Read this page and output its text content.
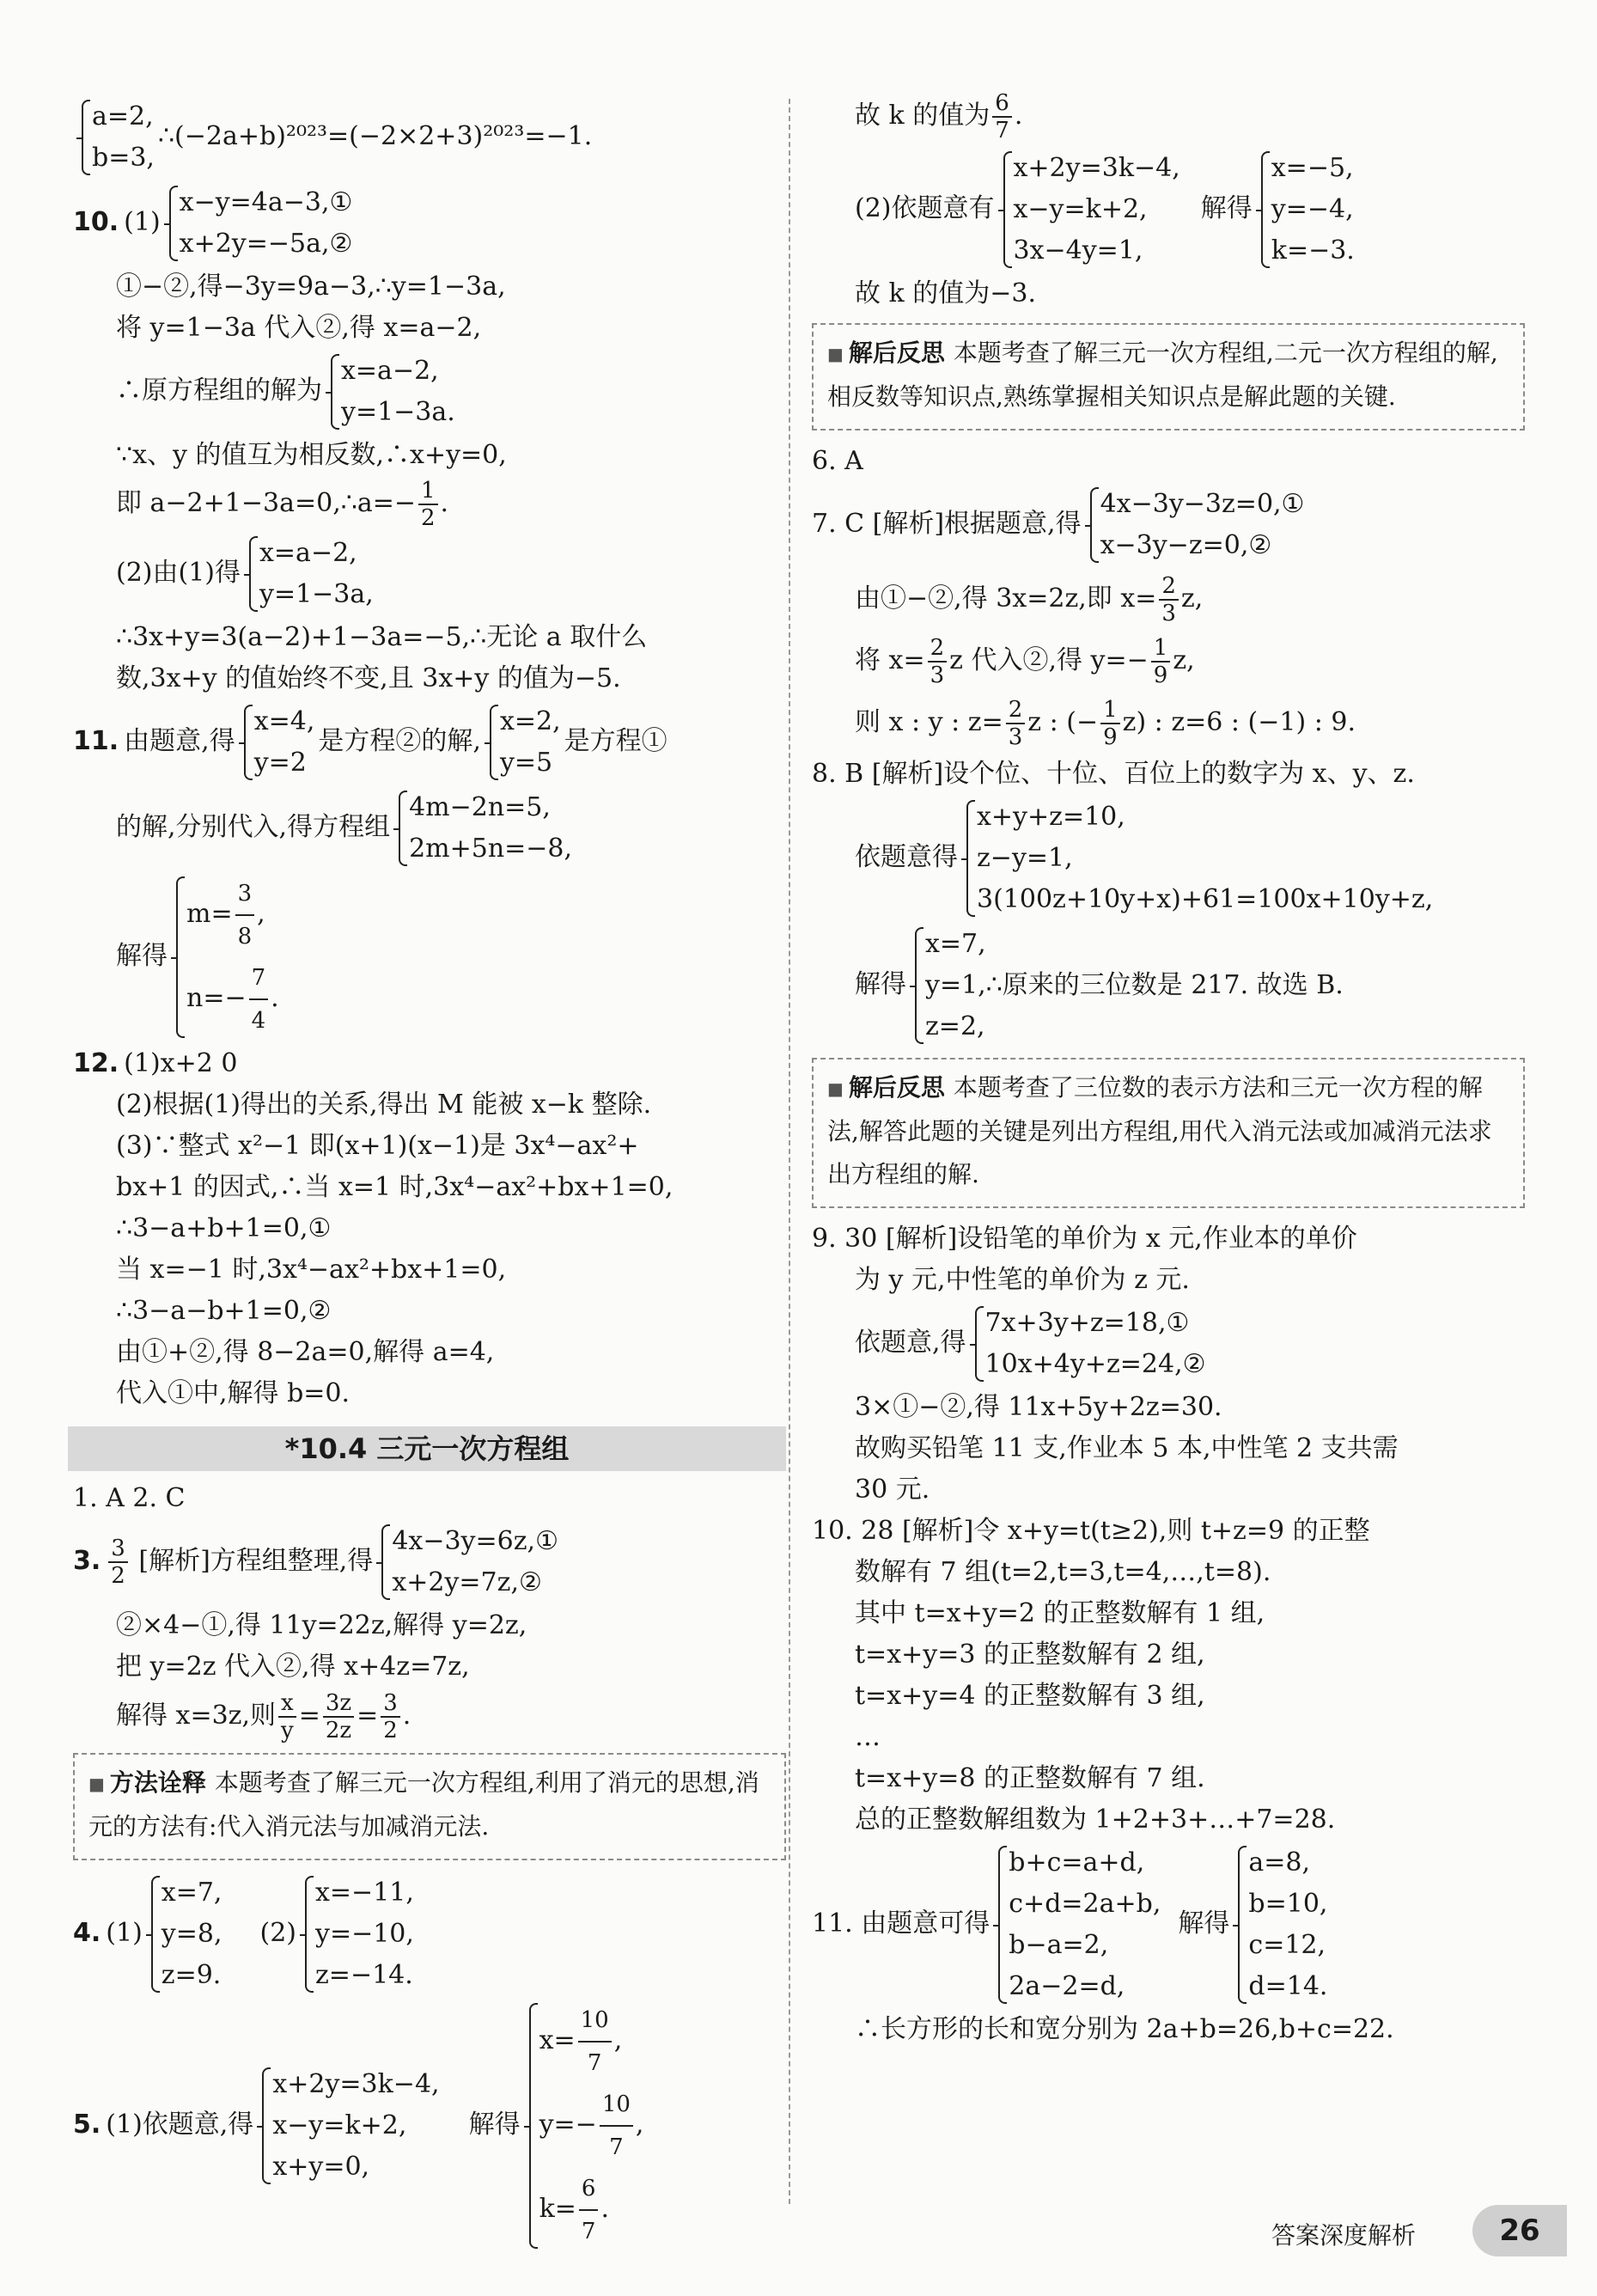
a=2,
b=3,
∴(−2a+b)²⁰²³=(−2×2+3)²⁰²³=−1.
10. (1)
x−y=4a−3,①
x+2y=−5a,②
①−②,得−3y=9a−3,∴y=1−3a,
将 y=1−3a 代入②,得 x=a−2,
∴原方程组的解为
x=a−2,
y=1−3a.
∵x、y 的值互为相反数,∴x+y=0,
即 a−2+1−3a=0,∴a=− $\frac{1}{2}$ .
(2)由(1)得
x=a−2,
y=1−3a,
∴3x+y=3(a−2)+1−3a=−5,∴无论 a 取什么
数,3x+y 的值始终不变,且 3x+y 的值为−5.
11. 由题意,得
x=4,
y=2
是方程②的解,
x=2,
y=5
是方程①
的解,分别代入,得方程组
4m−2n=5,
2m+5n=−8,
解得
$m= \frac{3}{8}$ ,
$n=- \frac{7}{4}$ .
12. (1)x+2 0
(2)根据(1)得出的关系,得出 M 能被 x−k 整除.
(3)∵整式 x²−1 即(x+1)(x−1)是 3x⁴−ax²+
bx+1 的因式,∴当 x=1 时,3x⁴−ax²+bx+1=0,
∴3−a+b+1=0,①
当 x=−1 时,3x⁴−ax²+bx+1=0,
∴3−a−b+1=0,②
由①+②,得 8−2a=0,解得 a=4,
代入①中,解得 b=0.
*10.4 三元一次方程组
1. A 2. C
3. $\frac{3}{2}$ [解析]方程组整理,得
4x−3y=6z,①
x+2y=7z,②
②×4−①,得 11y=22z,解得 y=2z,
把 y=2z 代入②,得 x+4z=7z,
解得 x=3z,则 $\frac{x}{y} = \frac{3z}{2z} = \frac{3}{2}$ .
■ 方法诠释 本题考查了解三元一次方程组,利用了消元的思想,消元的方法有:代入消元法与加减消元法.
4. (1)
x=7,
y=8,
z=9.
(2)
x=−11,
y=−10,
z=−14.
5. (1)依题意,得
x+2y=3k−4,
x−y=k+2,
x+y=0,
解得
$x= \frac{10}{7}$ ,
$y=- \frac{10}{7}$ ,
$k= \frac{6}{7}$ .
故 k 的值为 $\frac{6}{7}$ .
(2)依题意有
x+2y=3k−4,
x−y=k+2,
3x−4y=1,
解得
x=−5,
y=−4,
k=−3.
故 k 的值为−3.
■ 解后反思 本题考查了解三元一次方程组,二元一次方程组的解,相反数等知识点,熟练掌握相关知识点是解此题的关键.
6. A
7. C [解析]根据题意,得
4x−3y−3z=0,①
x−3y−z=0,②
由①−②,得 3x=2z,即 $x= \frac{2}{3} z$,
将 $x= \frac{2}{3}$ z 代入②,得 $y=- \frac{1}{9} z$,
则 x : y : $z= \frac{2}{3}$ z : (− $\frac{1}{9} z$) : z=6 : (−1) : 9.
8. B [解析]设个位、十位、百位上的数字为 x、y、z.
依题意得
x+y+z=10,
z−y=1,
3(100z+10y+x)+61=100x+10y+z,
解得
x=7,
y=1,∴原来的三位数是 217. 故选 B.
z=2,
■ 解后反思 本题考查了三位数的表示方法和三元一次方程的解法,解答此题的关键是列出方程组,用代入消元法或加减消元法求出方程组的解.
9. 30 [解析]设铅笔的单价为 x 元,作业本的单价
为 y 元,中性笔的单价为 z 元.
依题意,得
7x+3y+z=18,①
10x+4y+z=24,②
3×①−②,得 11x+5y+2z=30.
故购买铅笔 11 支,作业本 5 本,中性笔 2 支共需
30 元.
10. 28 [解析]令 x+y=t(t≥2),则 t+z=9 的正整
数解有 7 组(t=2,t=3,t=4,…,t=8).
其中 t=x+y=2 的正整数解有 1 组,
t=x+y=3 的正整数解有 2 组,
t=x+y=4 的正整数解有 3 组,
…
t=x+y=8 的正整数解有 7 组.
总的正整数解组数为 1+2+3+…+7=28.
11. 由题意可得
b+c=a+d,
c+d=2a+b,
b−a=2,
2a−2=d,
解得
a=8,
b=10,
c=12,
d=14.
∴长方形的长和宽分别为 2a+b=26,b+c=22.
答案深度解析	26
